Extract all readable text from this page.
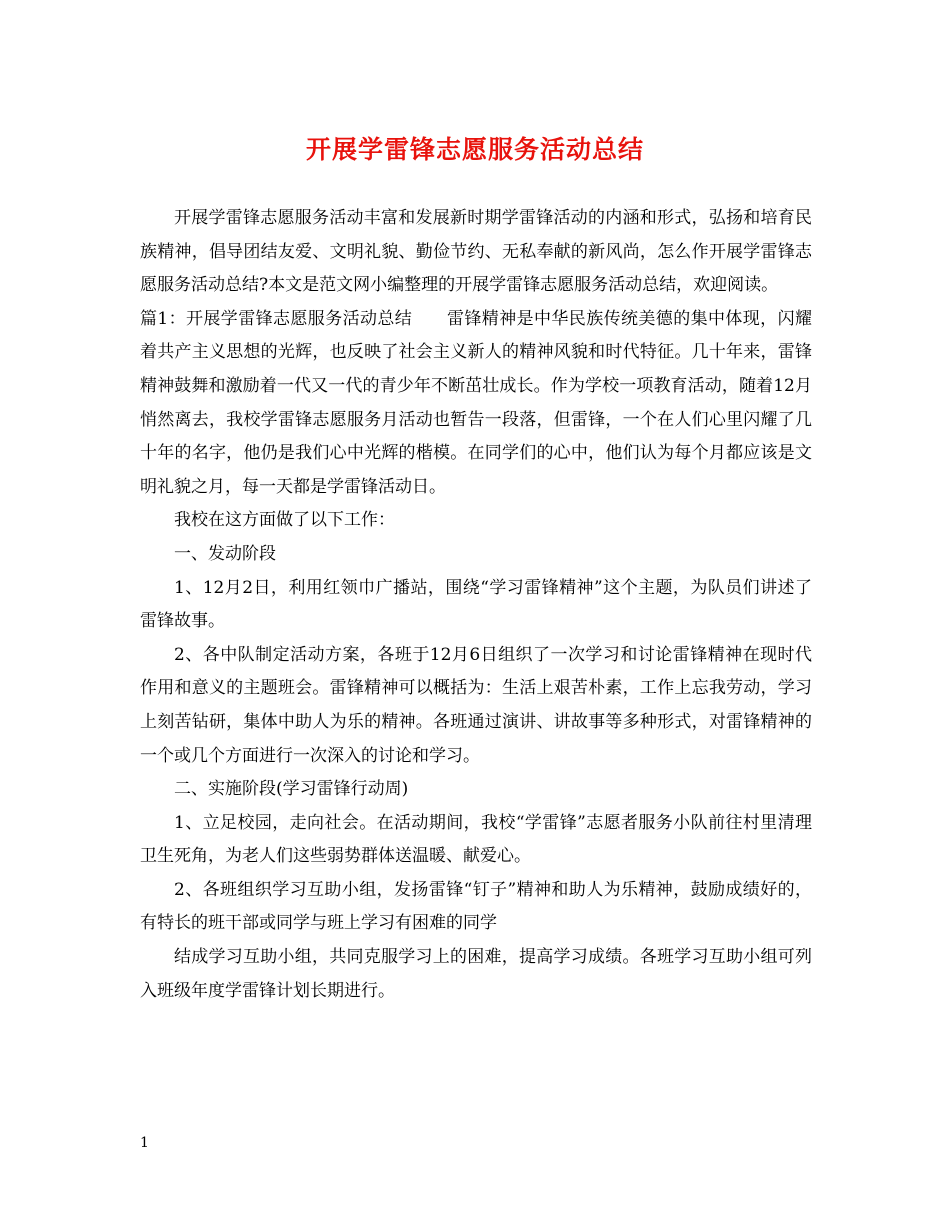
开展学雷锋志愿服务活动总结

开展学雷锋志愿服务活动丰富和发展新时期学雷锋活动的内涵和形式，弘扬和培育民族精神，倡导团结友爱、文明礼貌、勤俭节约、无私奉献的新风尚，怎么作开展学雷锋志愿服务活动总结?本文是范文网小编整理的开展学雷锋志愿服务活动总结，欢迎阅读。

篇1：开展学雷锋志愿服务活动总结　　雷锋精神是中华民族传统美德的集中体现，闪耀着共产主义思想的光辉，也反映了社会主义新人的精神风貌和时代特征。几十年来，雷锋精神鼓舞和激励着一代又一代的青少年不断茁壮成长。作为学校一项教育活动，随着12月悄然离去，我校学雷锋志愿服务月活动也暂告一段落，但雷锋，一个在人们心里闪耀了几十年的名字，他仍是我们心中光辉的楷模。在同学们的心中，他们认为每个月都应该是文明礼貌之月，每一天都是学雷锋活动日。

我校在这方面做了以下工作：

一、发动阶段

1、12月2日，利用红领巾广播站，围绕“学习雷锋精神”这个主题，为队员们讲述了雷锋故事。

2、各中队制定活动方案，各班于12月6日组织了一次学习和讨论雷锋精神在现时代作用和意义的主题班会。雷锋精神可以概括为：生活上艰苦朴素，工作上忘我劳动，学习上刻苦钻研，集体中助人为乐的精神。各班通过演讲、讲故事等多种形式，对雷锋精神的一个或几个方面进行一次深入的讨论和学习。

二、实施阶段(学习雷锋行动周)

1、立足校园，走向社会。在活动期间，我校“学雷锋”志愿者服务小队前往村里清理卫生死角，为老人们这些弱势群体送温暖、献爱心。

2、各班组织学习互助小组，发扬雷锋“钉子”精神和助人为乐精神，鼓励成绩好的，有特长的班干部或同学与班上学习有困难的同学

结成学习互助小组，共同克服学习上的困难，提高学习成绩。各班学习互助小组可列入班级年度学雷锋计划长期进行。

1
